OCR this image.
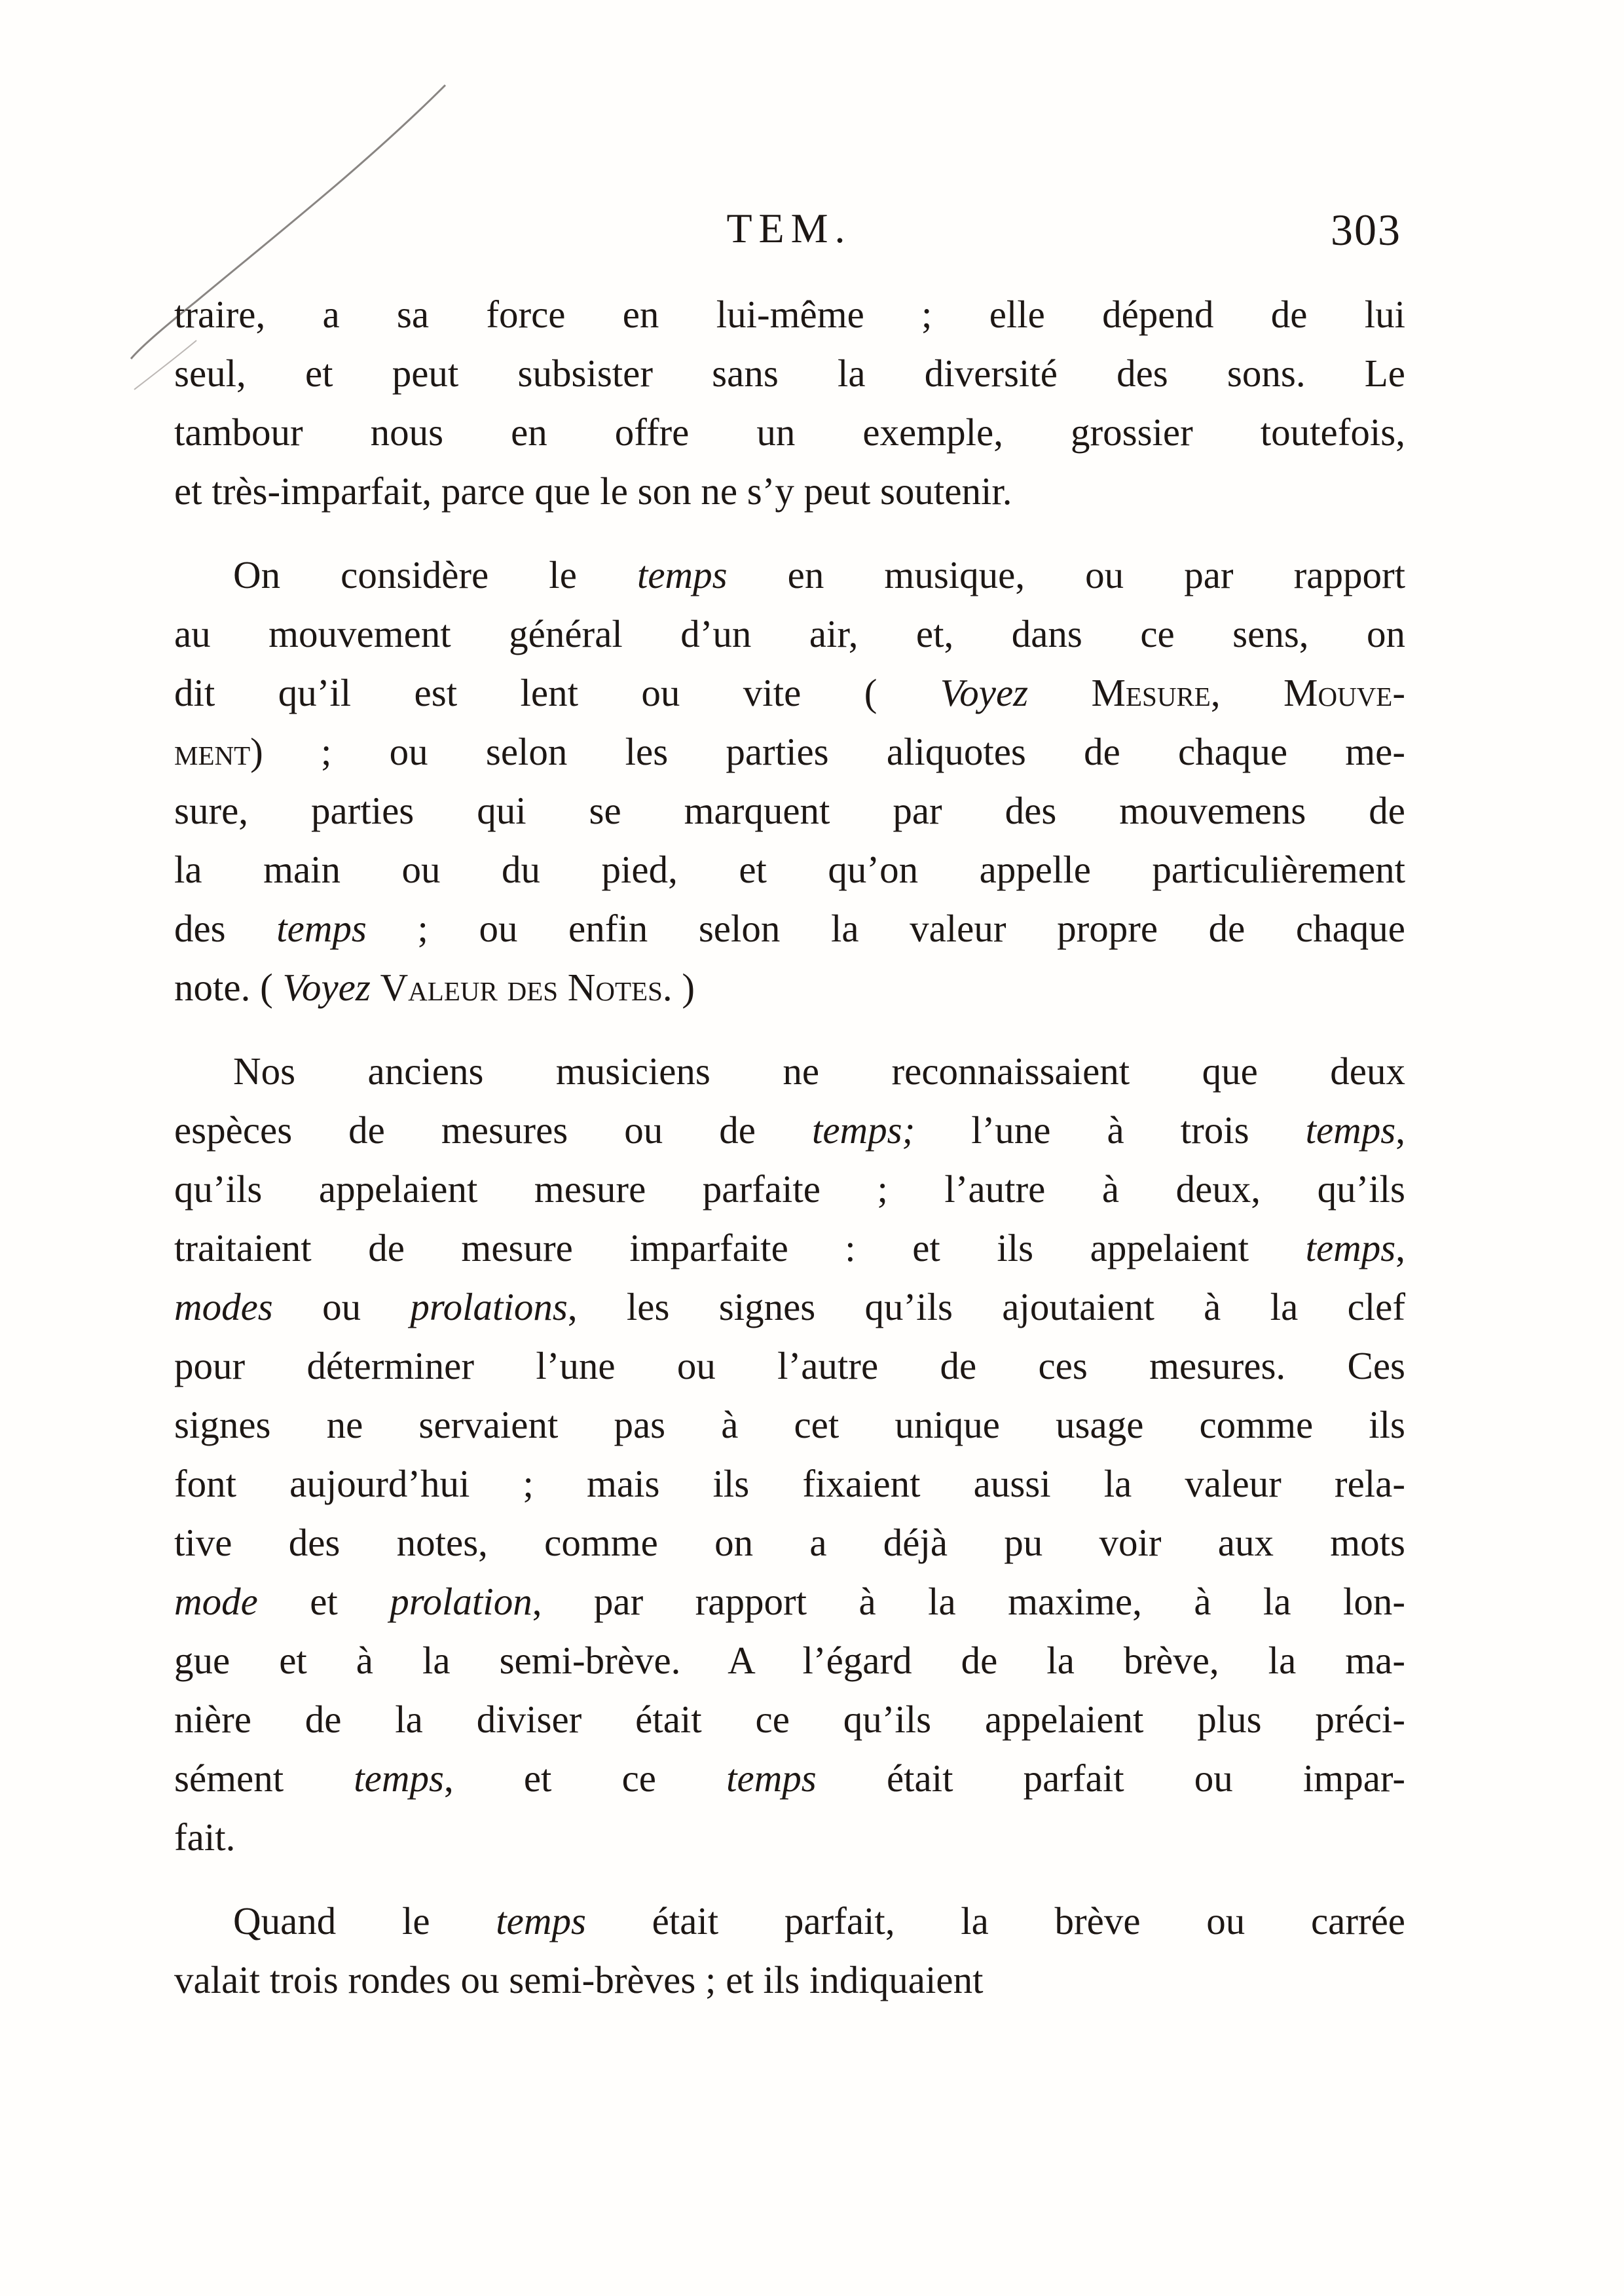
TEM.	303
traire, a sa force en lui-même ; elle dépend de lui
seul, et peut subsister sans la diversité des sons. Le
tambour nous en offre un exemple, grossier toutefois,
et très-imparfait, parce que le son ne s’y peut soutenir.
On considère le temps en musique, ou par rapport
au mouvement général d’un air, et, dans ce sens, on
dit qu’il est lent ou vite ( Voyez Mesure, Mouve-
ment) ; ou selon les parties aliquotes de chaque me-
sure, parties qui se marquent par des mouvemens de
la main ou du pied, et qu’on appelle particulièrement
des temps ; ou enfin selon la valeur propre de chaque
note. ( Voyez Valeur des Notes. )
Nos anciens musiciens ne reconnaissaient que deux
espèces de mesures ou de temps; l’une à trois temps,
qu’ils appelaient mesure parfaite ; l’autre à deux, qu’ils
traitaient de mesure imparfaite : et ils appelaient temps,
modes ou prolations, les signes qu’ils ajoutaient à la clef
pour déterminer l’une ou l’autre de ces mesures. Ces
signes ne servaient pas à cet unique usage comme ils
font aujourd’hui ; mais ils fixaient aussi la valeur rela-
tive des notes, comme on a déjà pu voir aux mots
mode et prolation, par rapport à la maxime, à la lon-
gue et à la semi-brève. A l’égard de la brève, la ma-
nière de la diviser était ce qu’ils appelaient plus préci-
sément temps, et ce temps était parfait ou impar-
fait.
Quand le temps était parfait, la brève ou carrée
valait trois rondes ou semi-brèves ; et ils indiquaient
